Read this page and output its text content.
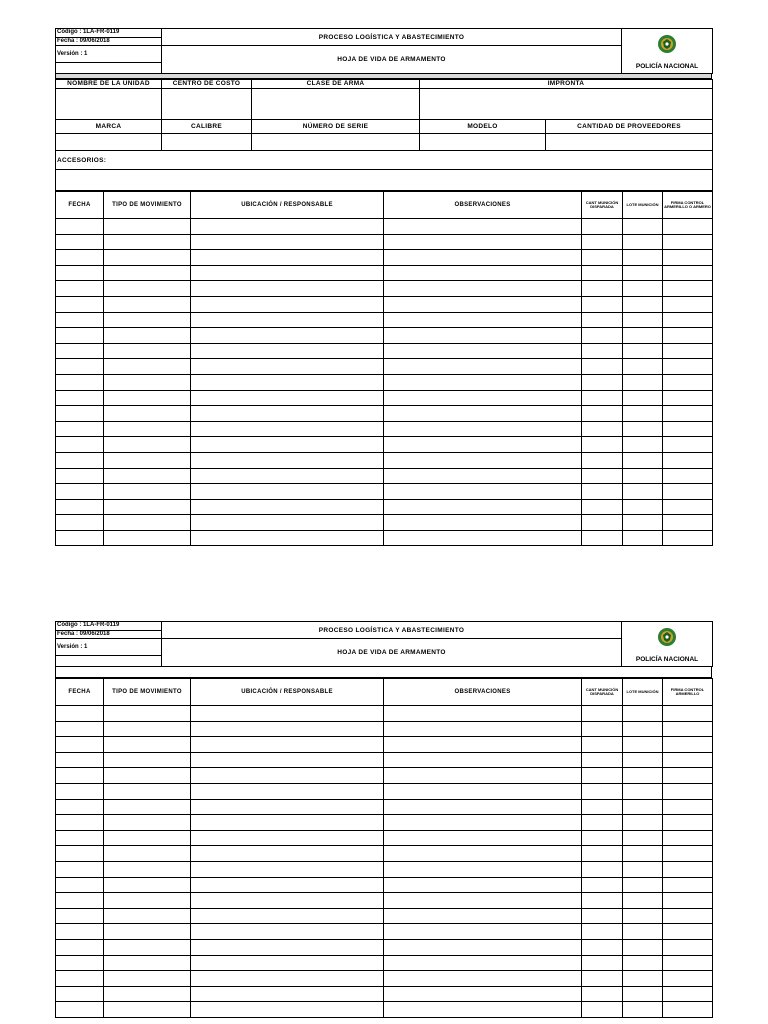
Código : 1LA-FR-0119	PROCESO LOGÍSTICA Y ABASTECIMIENTO	POLICÍA NACIONAL
Fecha : 09/06/2018		
Versión : 1	HOJA DE VIDA DE ARMAMENTO	

NOMBRE DE LA UNIDAD	CENTRO DE COSTO	CLASE DE ARMA	IMPRONTA	

MARCA	CALIBRE	NÚMERO DE SERIE	MODELO	CANTIDAD DE PROVEEDORES

ACCESORIOS:				

FECHA	TIPO DE MOVIMIENTO	UBICACIÓN / RESPONSABLE	OBSERVACIONES	CANT MUNICIÓN DISPARADA	LOTE MUNICIÓN	FIRMA CONTROL ARMERILLO O ARMERO

Código : 1LA-FR-0119	PROCESO LOGÍSTICA Y ABASTECIMIENTO	POLICÍA NACIONAL
Fecha : 09/06/2018		
Versión : 1	HOJA DE VIDA DE ARMAMENTO	

FECHA	TIPO DE MOVIMIENTO	UBICACIÓN / RESPONSABLE	OBSERVACIONES	CANT MUNICIÓN DISPARADA	LOTE MUNICIÓN	FIRMA CONTROL ARMERILLO
